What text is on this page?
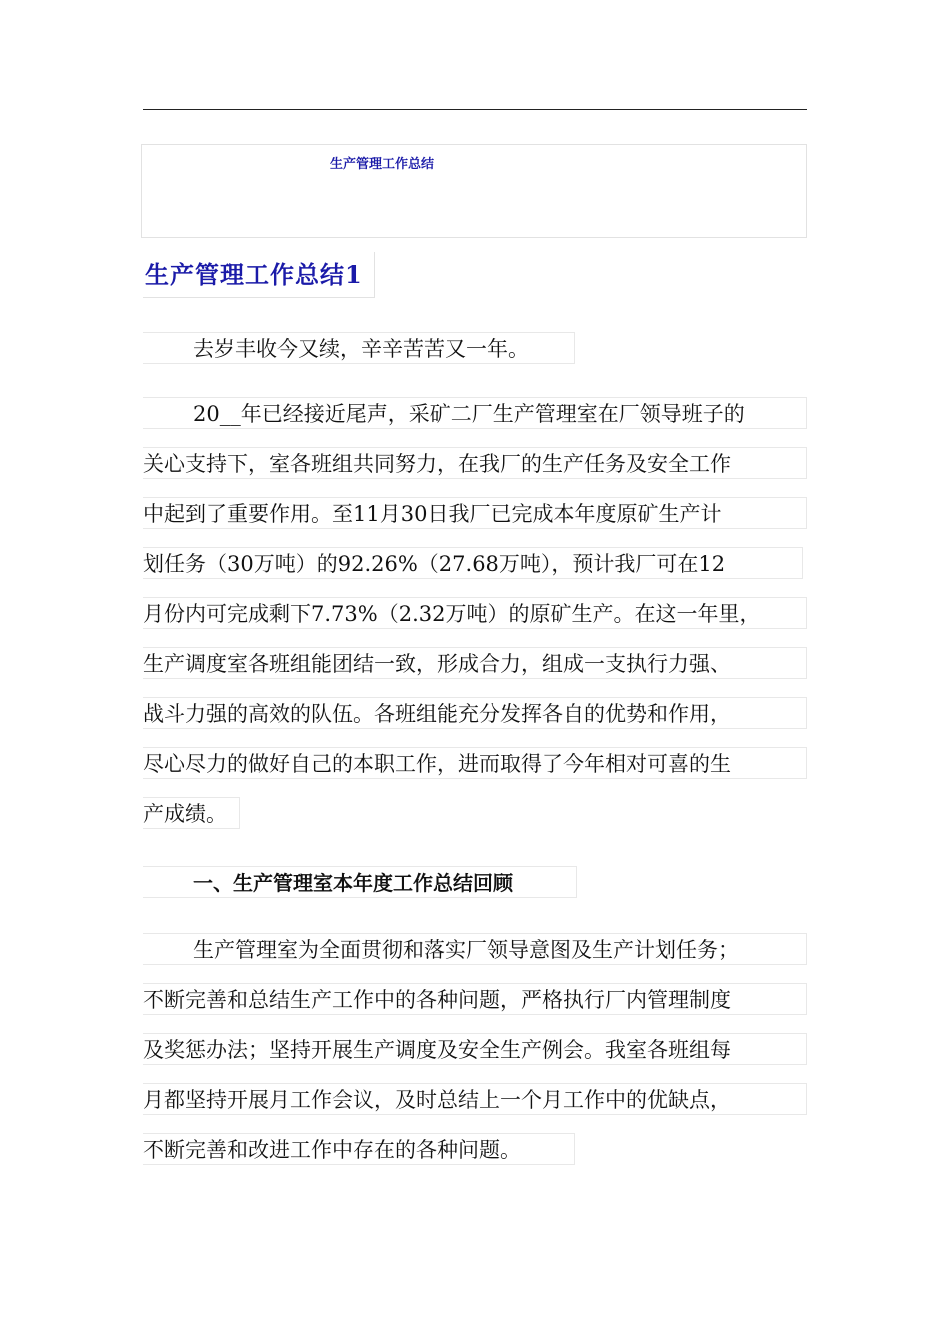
生产管理工作总结
生产管理工作总结1
去岁丰收今又续，辛辛苦苦又一年。
20__年已经接近尾声，采矿二厂生产管理室在厂领导班子的
关心支持下，室各班组共同努力，在我厂的生产任务及安全工作
中起到了重要作用。至11月30日我厂已完成本年度原矿生产计
划任务（30万吨）的92.26%（27.68万吨），预计我厂可在12
月份内可完成剩下7.73%（2.32万吨）的原矿生产。在这一年里，
生产调度室各班组能团结一致，形成合力，组成一支执行力强、
战斗力强的高效的队伍。各班组能充分发挥各自的优势和作用，
尽心尽力的做好自己的本职工作，进而取得了今年相对可喜的生
产成绩。
一、生产管理室本年度工作总结回顾
生产管理室为全面贯彻和落实厂领导意图及生产计划任务；
不断完善和总结生产工作中的各种问题，严格执行厂内管理制度
及奖惩办法；坚持开展生产调度及安全生产例会。我室各班组每
月都坚持开展月工作会议，及时总结上一个月工作中的优缺点，
不断完善和改进工作中存在的各种问题。
